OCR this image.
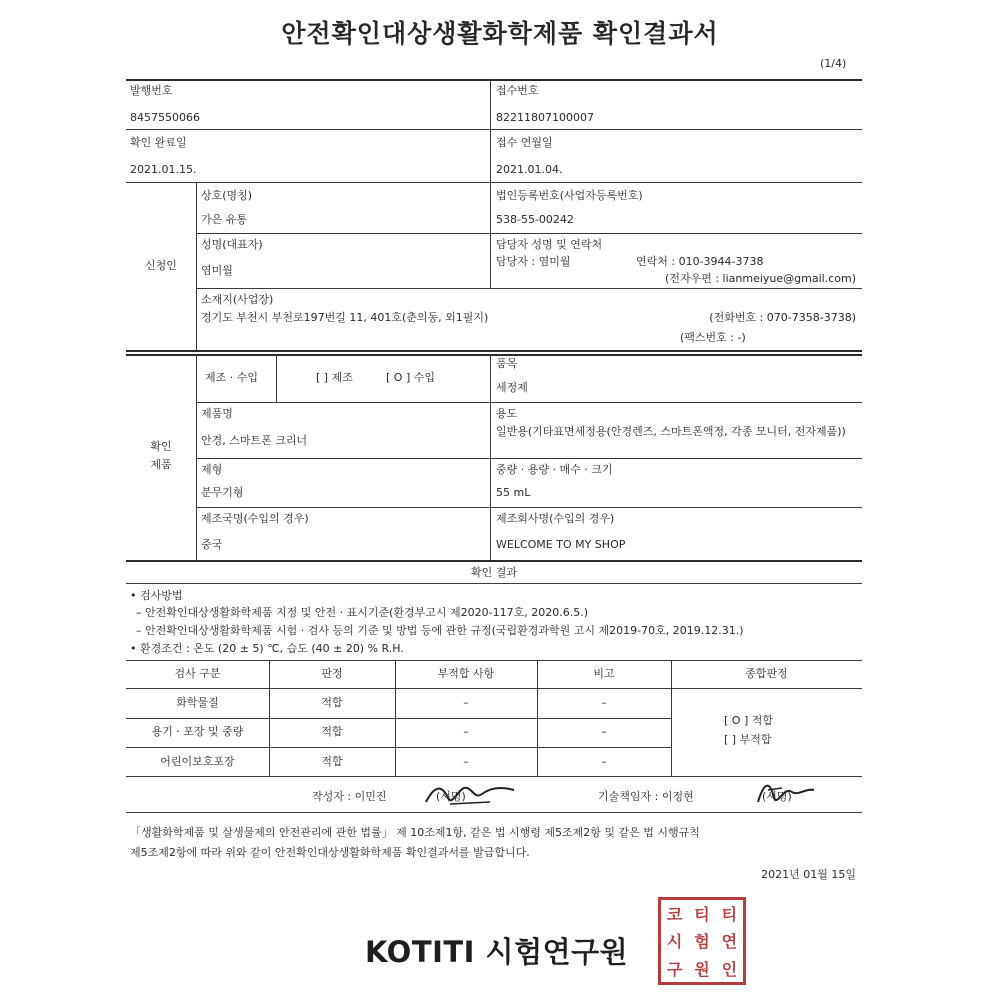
안전확인대상생활화학제품 확인결과서
(1/4)
발행번호
8457550066
접수번호
82211807100007
확인 완료일
2021.01.15.
접수 연월일
2021.01.04.
신청인
상호(명칭)
가은 유통
법인등록번호(사업자등록번호)
538-55-00242
성명(대표자)
염미월
담당자 성명 및 연락처
담당자 : 염미월	연락처 : 010-3944-3738
(전자우편 : lianmeiyue@gmail.com)
소재지(사업장)
경기도 부천시 부천로197번길 11, 401호(춘의동, 외1필지)	(전화번호 : 070-7358-3738)
(팩스번호 : -)
확인
제품
제조 · 수입	[ ] 제조	[ O ] 수입
품목
세정제
제품명
안경, 스마트폰 크리너
용도
일반용(기타표면세정용(안경렌즈, 스마트폰액정, 각종 모니터, 전자제품))
제형
분무기형
중량 · 용량 · 매수 · 크기
55 mL
제조국명(수입의 경우)
중국
제조회사명(수입의 경우)
WELCOME TO MY SHOP
확인 결과
• 검사방법
– 안전확인대상생활화학제품 지정 및 안전 · 표시기준(환경부고시 제2020-117호, 2020.6.5.)
– 안전확인대상생활화학제품 시험 · 검사 등의 기준 및 방법 등에 관한 규정(국립환경과학원 고시 제2019-70호, 2019.12.31.)
• 환경조건 : 온도 (20 ± 5) ℃, 습도 (40 ± 20) % R.H.
검사 구분	판정	부적합 사항	비고	종합판정
화학물질	적합	–	–
용기 · 포장 및 중량	적합	–	–
어린이보호포장	적합	–	–
[ O ] 적합
[ ] 부적합
작성자 : 이민진	(서명)	기술책임자 : 이정현	(서명)
「생활화학제품 및 살생물제의 안전관리에 관한 법률」 제 10조제1항, 같은 법 시행령 제5조제2항 및 같은 법 시행규칙
제5조제2항에 따라 위와 같이 안전확인대상생활화학제품 확인결과서를 발급합니다.
2021년 01월 15일
KOTITI 시험연구원
코 티 티
시 험 연
구 원 인
